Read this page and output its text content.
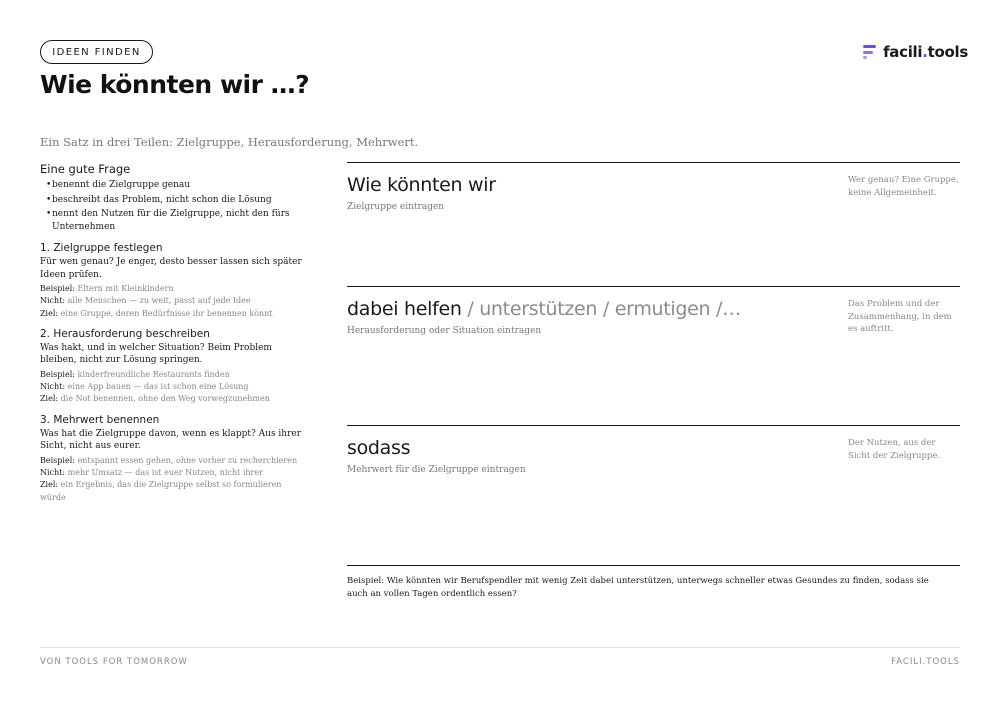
IDEEN FINDEN
Wie könnten wir …?

Ein Satz in drei Teilen: Zielgruppe, Herausforderung, Mehrwert.

facili.tools
Eine gute Frage
• benennt die Zielgruppe genau
• beschreibt das Problem, nicht schon die Lösung
• nennt den Nutzen für die Zielgruppe, nicht den fürs Unternehmen
1. Zielgruppe festlegen
Für wen genau? Je enger, desto besser lassen sich später Ideen prüfen.
Beispiel: Eltern mit Kleinkindern
Nicht: alle Menschen — zu weit, passt auf jede Idee
Ziel: eine Gruppe, deren Bedürfnisse ihr benennen könnt
2. Herausforderung beschreiben
Was hakt, und in welcher Situation? Beim Problem bleiben, nicht zur Lösung springen.
Beispiel: kinderfreundliche Restaurants finden
Nicht: eine App bauen — das ist schon eine Lösung
Ziel: die Not benennen, ohne den Weg vorwegzunehmen
3. Mehrwert benennen
Was hat die Zielgruppe davon, wenn es klappt? Aus ihrer Sicht, nicht aus eurer.
Beispiel: entspannt essen gehen, ohne vorher zu recherchieren
Nicht: mehr Umsatz — das ist euer Nutzen, nicht ihrer
Ziel: ein Ergebnis, das die Zielgruppe selbst so formulieren würde
Wie könnten wir
Zielgruppe eintragen
Wer genau? Eine Gruppe, keine Allgemeinheit.
dabei helfen / unterstützen / ermutigen /…
Herausforderung oder Situation eintragen
Das Problem und der Zusammenhang, in dem es auftritt.
sodass
Mehrwert für die Zielgruppe eintragen
Der Nutzen, aus der Sicht der Zielgruppe.
Beispiel: Wie könnten wir Berufspendler mit wenig Zeit dabei unterstützen, unterwegs schneller etwas Gesundes zu finden, sodass sie auch an vollen Tagen ordentlich essen?
VON TOOLS FOR TOMORROW	FACILI.TOOLS
